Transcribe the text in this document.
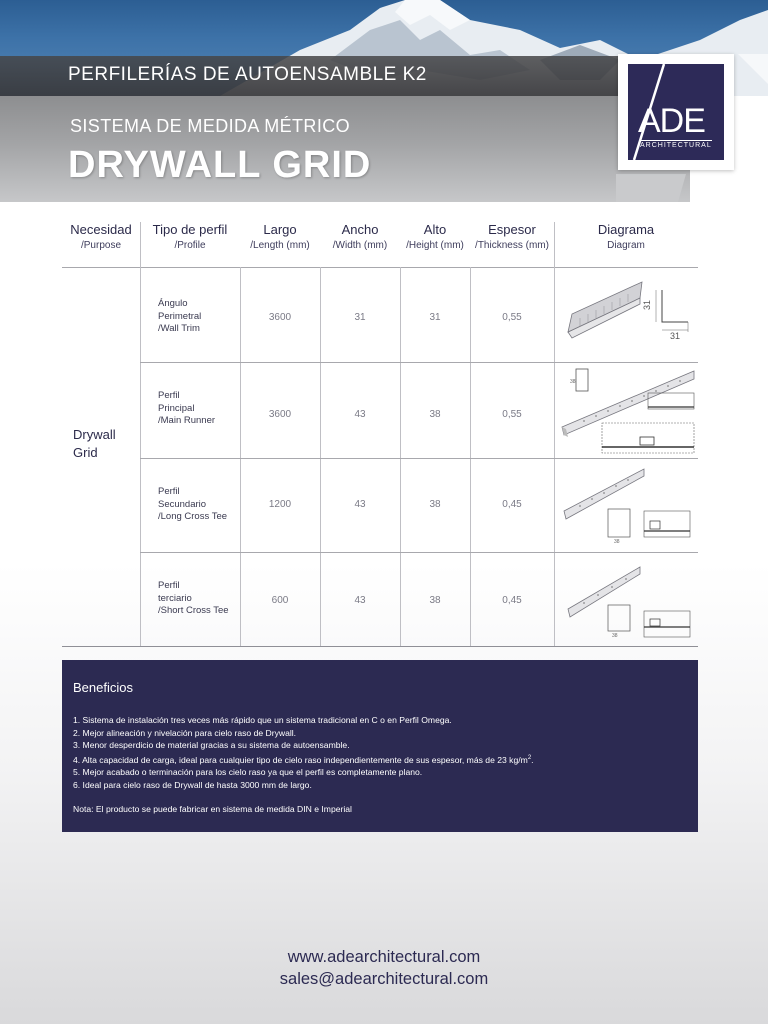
PERFILERÍAS DE AUTOENSAMBLE K2
SISTEMA DE MEDIDA MÉTRICO
DRYWALL GRID
ADE
ARCHITECTURAL
Necesidad
/Purpose
Tipo de perfil
/Profile
Largo
/Length (mm)
Ancho
/Width (mm)
Alto
/Height (mm)
Espesor
/Thickness (mm)
Diagrama
Diagram
Drywall
Grid
Ángulo
Perimetral
/Wall Trim
3600	31	31	0,55
31
31
Perfil
Principal
/Main Runner
3600	43	38	0,55
38
Perfil
Secundario
/Long Cross Tee
1200	43	38	0,45
38
Perfil
terciario
/Short Cross Tee
600	43	38	0,45
38
Beneficios
1. Sistema de instalación tres veces más rápido que un sistema tradicional en C o en Perfil Omega.
2. Mejor alineación y nivelación para cielo raso de Drywall.
3. Menor desperdicio de material gracias a su sistema de autoensamble.
4. Alta capacidad de carga, ideal para cualquier tipo de cielo raso independientemente de sus espesor, más de 23 $kg/m^2$.
5. Mejor acabado o terminación para los cielo raso ya que el perfil es completamente plano.
6. Ideal para cielo raso de Drywall de hasta 3000 mm de largo.
Nota: El producto se puede fabricar en sistema de medida DIN e Imperial
www.adearchitectural.com
sales@adearchitectural.com
